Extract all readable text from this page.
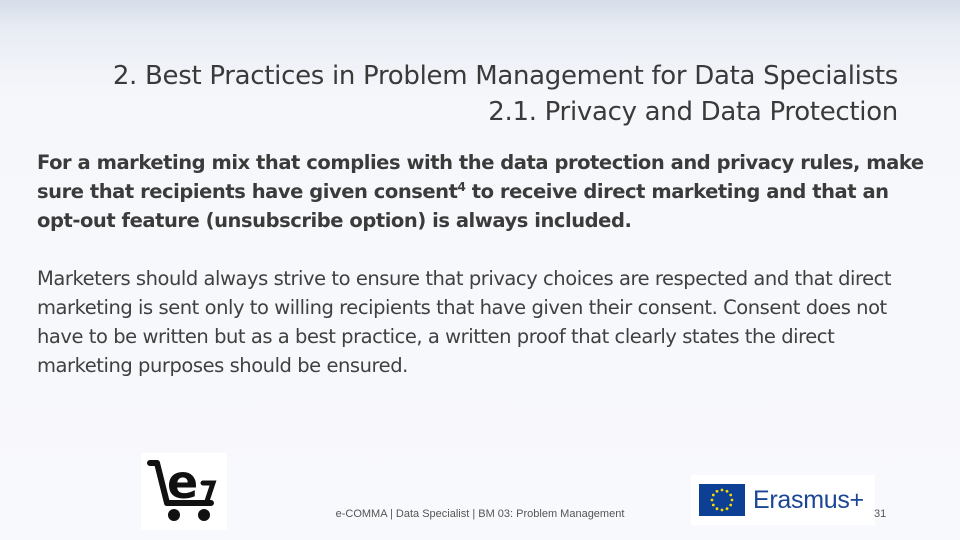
2. Best Practices in Problem Management for Data Specialists
2.1. Privacy and Data Protection
For a marketing mix that complies with the data protection and privacy rules, make sure that recipients have given consent$^4$ to receive direct marketing and that an opt-out feature (unsubscribe option) is always included.
Marketers should always strive to ensure that privacy choices are respected and that direct marketing is sent only to willing recipients that have given their consent. Consent does not have to be written but as a best practice, a written proof that clearly states the direct marketing purposes should be ensured.
e
e-COMMA | Data Specialist | BM 03: Problem Management	Erasmus+ 31
